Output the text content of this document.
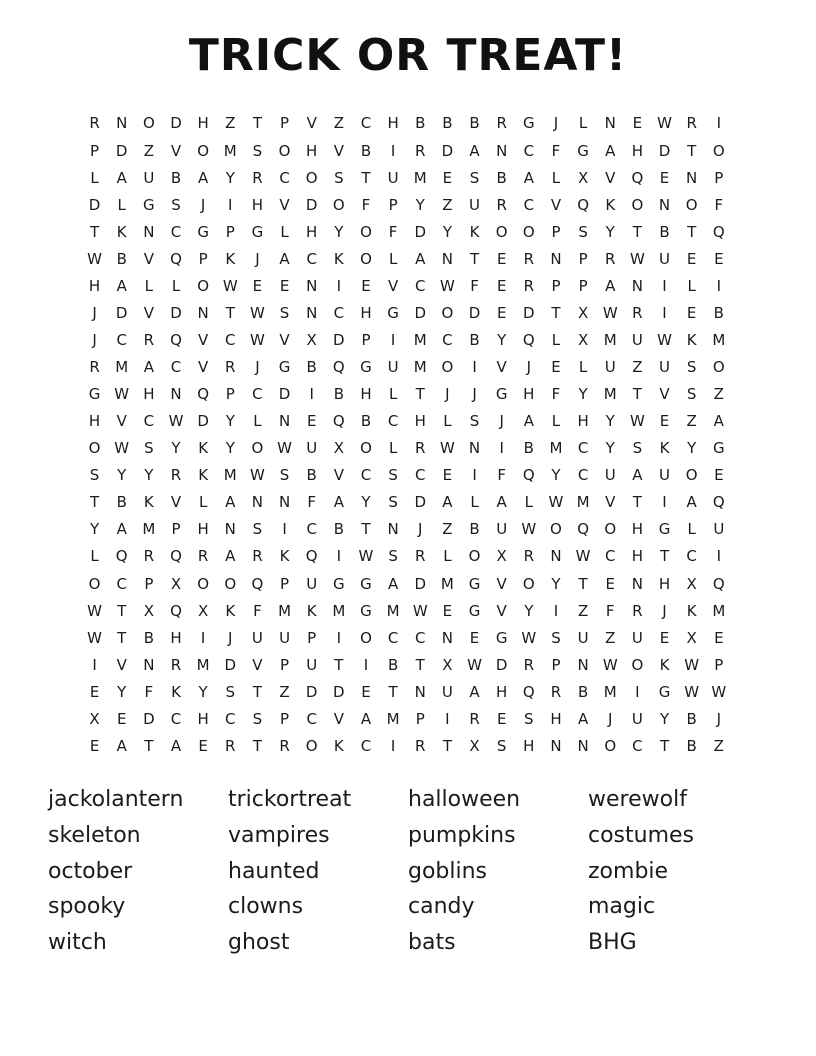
TRICK OR TREAT!
R	N	O	D	H	Z	T	P	V	Z	C	H	B	B	B	R	G	J	L	N	E W R	I
P	D	Z	V	O M	S	O	H	V	B	I	R	D	A	N	C	F	G	A	H	D	T	O
L	A	U	B	A	Y	R	C	O	S	T	U	M	E	S	B	A	L	X	V	Q	E	N	P
D	L	G	S	J	I	H	V	D	O	F	P	Y	Z	U	R	C	V	Q	K	O	N	O	F
T	K	N	C	G	P	G	L	H	Y	O	F	D	Y	K	O	O	P	S	Y	T	B	T	Q
W B	V	Q	P	K	J	A	C	K	O	L	A	N	T	E	R	N	P	R W U	E	E
H	A	L	L	O W E	E	N	I	E	V	C W	F	E	R	P	P	A	N	I	L	I
J	D	V	D	N	T	W S	N	C	H	G	D	O	D	E	D	T	X W R	I	E	B
J	C	R	Q	V	C W V	X	D	P	I	M	C	B	Y	Q	L	X	M	U W K	M
R	M	A	C	V	R	J	G	B	Q	G	U	M O	I	V	J	E	L	U	Z	U	S	O
G W H	N	Q	P	C	D	I	B	H	L	T	J	J	G	H	F	Y	M	T	V	S	Z
H	V	C W D	Y	L	N	E	Q	B	C	H	L	S	J	A	L	H	Y	W E	Z	A
O W S	Y	K	Y	O W U	X	O	L	R W N	I	B	M	C	Y	S	K	Y	G
S	Y	Y	R	K	M W S	B	V	C	S	C	E	I	F	Q	Y	C	U	A	U	O	E
T	B	K	V	L	A	N	N	F	A	Y	S	D	A	L	A	L	W M	V	T	I	A	Q
Y	A	M	P	H	N	S	I	C	B	T	N	J	Z	B	U W O	Q	O	H	G	L	U
L	Q	R	Q	R	A	R	K	Q	I	W S	R	L	O	X	R	N W C	H	T	C	I
O	C	P	X	O	O	Q	P	U	G	G	A	D M G	V	O	Y	T	E	N	H	X	Q
W	T	X	Q	X	K	F	M	K	M G M W E	G	V	Y	I	Z	F	R	J	K	M
W	T	B	H	I	J	U	U	P	I	O	C	C	N	E	G W S	U	Z	U	E	X	E
I	V	N	R	M D	V	P	U	T	I	B	T	X W D	R	P	N W O	K W	P
E	Y	F	K	Y	S	T	Z	D	D	E	T	N	U	A	H	Q	R	B	M	I	G W W
X	E	D	C	H	C	S	P	C	V	A	M	P	I	R	E	S	H	A	J	U	Y	B	J
E	A	T	A	E	R	T	R	O	K	C	I	R	T	X	S	H	N	N	O	C	T	B	Z
jackolantern
skeleton
october
spooky
witch
trickortreat
vampires
haunted
clowns
ghost
halloween
pumpkins
goblins
candy
bats
werewolf
costumes
zombie
magic
BHG
